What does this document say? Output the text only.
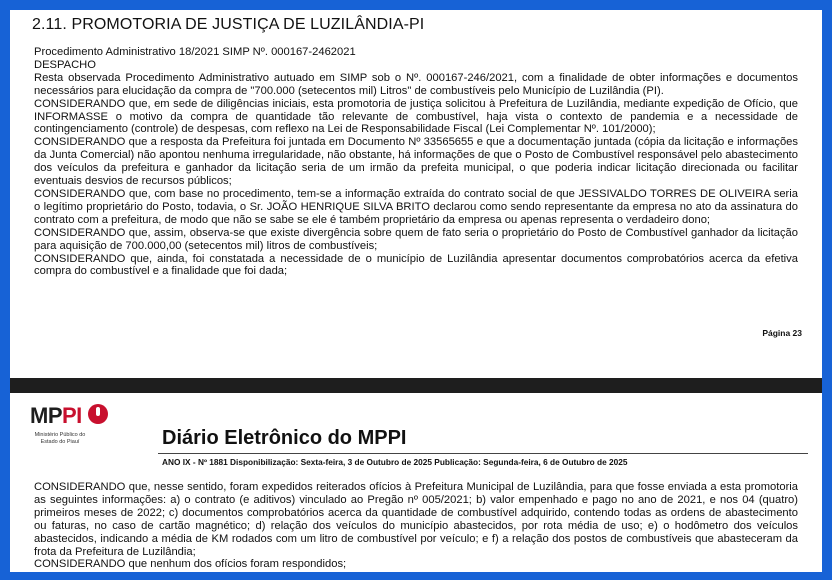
2.11. PROMOTORIA DE JUSTIÇA DE LUZILÂNDIA-PI

Procedimento Administrativo 18/2021 SIMP Nº. 000167-2462021

DESPACHO

Resta observada Procedimento Administrativo autuado em SIMP sob o Nº. 000167-246/2021, com a finalidade de obter informações e documentos necessários para elucidação da compra de "700.000 (setecentos mil) Litros" de combustíveis pelo Município de Luzilândia (PI).

CONSIDERANDO que, em sede de diligências iniciais, esta promotoria de justiça solicitou à Prefeitura de Luzilândia, mediante expedição de Ofício, que INFORMASSE o motivo da compra de quantidade tão relevante de combustível, haja vista o contexto de pandemia e a necessidade de contingenciamento (controle) de despesas, com reflexo na Lei de Responsabilidade Fiscal (Lei Complementar Nº. 101/2000);

CONSIDERANDO que a resposta da Prefeitura foi juntada em Documento Nº 33565655 e que a documentação juntada (cópia da licitação e informações da Junta Comercial) não apontou nenhuma irregularidade, não obstante, há informações de que o Posto de Combustível responsável pelo abastecimento dos veículos da prefeitura e ganhador da licitação seria de um irmão da prefeita municipal, o que poderia indicar licitação direcionada ou facilitar eventuais desvios de recursos públicos;

CONSIDERANDO que, com base no procedimento, tem-se a informação extraída do contrato social de que JESSIVALDO TORRES DE OLIVEIRA seria o legítimo proprietário do Posto, todavia, o Sr. JOÃO HENRIQUE SILVA BRITO declarou como sendo representante da empresa no ato da assinatura do contrato com a prefeitura, de modo que não se sabe se ele é também proprietário da empresa ou apenas representa o verdadeiro dono;

CONSIDERANDO que, assim, observa-se que existe divergência sobre quem de fato seria o proprietário do Posto de Combustível ganhador da licitação para aquisição de 700.000,00 (setecentos mil) litros de combustíveis;

CONSIDERANDO que, ainda, foi constatada a necessidade de o município de Luzilândia apresentar documentos comprobatórios acerca da efetiva compra do combustível e a finalidade que foi dada;

Página 23
MPPI
Ministério Público do Estado do Piauí	Diário Eletrônico do MPPI
ANO IX - Nº 1881 Disponibilização: Sexta-feira, 3 de Outubro de 2025 Publicação: Segunda-feira, 6 de Outubro de 2025

CONSIDERANDO que, nesse sentido, foram expedidos reiterados ofícios à Prefeitura Municipal de Luzilândia, para que fosse enviada a esta promotoria as seguintes informações: a) o contrato (e aditivos) vinculado ao Pregão nº 005/2021; b) valor empenhado e pago no ano de 2021, e nos 04 (quatro) primeiros meses de 2022; c) documentos comprobatórios acerca da quantidade de combustível adquirido, contendo todas as ordens de abastecimento ou faturas, no caso de cartão magnético; d) relação dos veículos do município abastecidos, por rota média de uso; e) o hodômetro dos veículos abastecidos, indicando a média de KM rodados com um litro de combustível por veículo; e f) a relação dos postos de combustíveis que abasteceram da frota da Prefeitura de Luzilândia;

CONSIDERANDO que nenhum dos ofícios foram respondidos;
